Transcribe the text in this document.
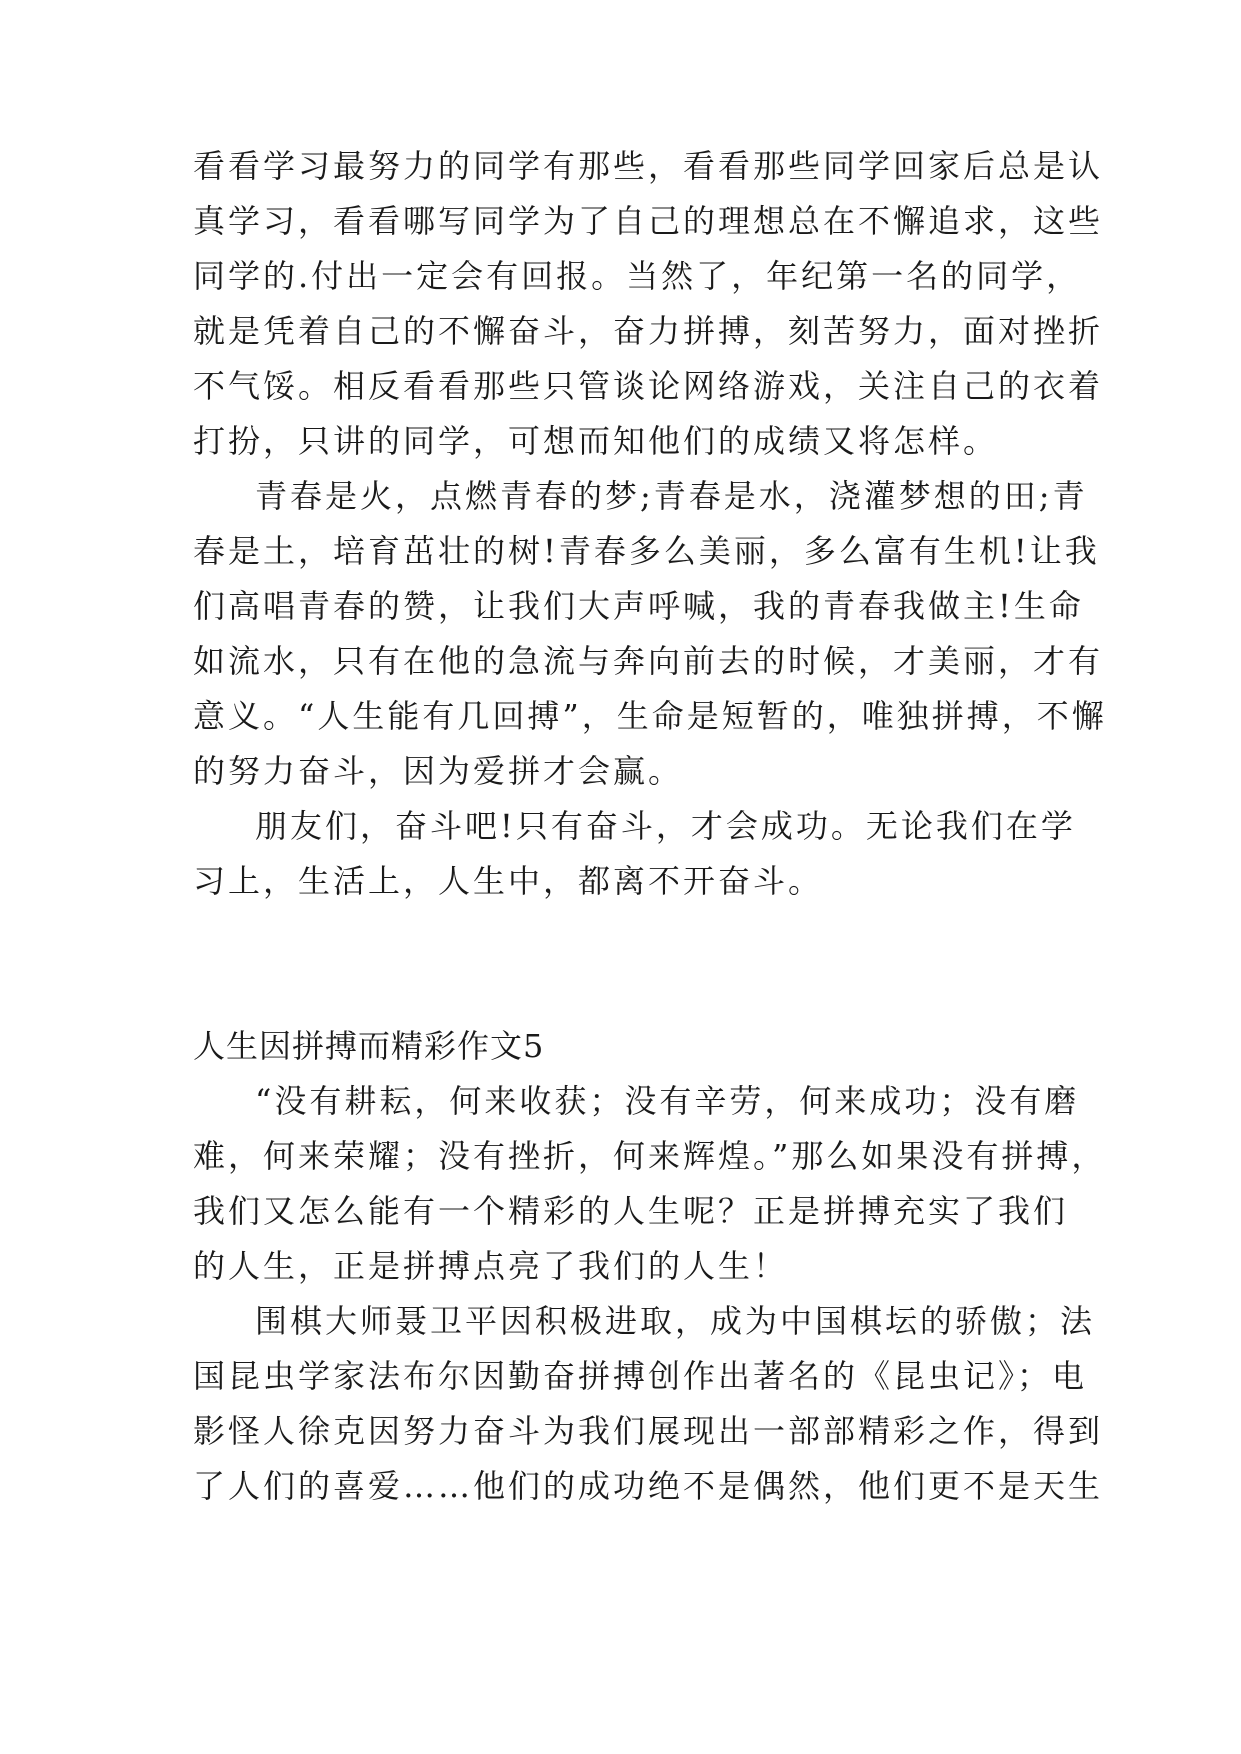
看看学习最努力的同学有那些，看看那些同学回家后总是认
真学习，看看哪写同学为了自己的理想总在不懈追求，这些
同学的.付出一定会有回报。当然了，年纪第一名的同学，
就是凭着自己的不懈奋斗，奋力拼搏，刻苦努力，面对挫折
不气馁。相反看看那些只管谈论网络游戏，关注自己的衣着
打扮，只讲的同学，可想而知他们的成绩又将怎样。
青春是火，点燃青春的梦;青春是水，浇灌梦想的田;青
春是土，培育茁壮的树!青春多么美丽，多么富有生机!让我
们高唱青春的赞，让我们大声呼喊，我的青春我做主!生命
如流水，只有在他的急流与奔向前去的时候，才美丽，才有
意义。“人生能有几回搏”，生命是短暂的，唯独拼搏，不懈
的努力奋斗，因为爱拼才会赢。
朋友们，奋斗吧!只有奋斗，才会成功。无论我们在学
习上，生活上，人生中，都离不开奋斗。
人生因拼搏而精彩作文5
“没有耕耘，何来收获；没有辛劳，何来成功；没有磨
难，何来荣耀；没有挫折，何来辉煌。”那么如果没有拼搏，
我们又怎么能有一个精彩的人生呢？正是拼搏充实了我们
的人生，正是拼搏点亮了我们的人生！
围棋大师聂卫平因积极进取，成为中国棋坛的骄傲；法
国昆虫学家法布尔因勤奋拼搏创作出著名的《昆虫记》；电
影怪人徐克因努力奋斗为我们展现出一部部精彩之作，得到
了人们的喜爱……他们的成功绝不是偶然，他们更不是天生
